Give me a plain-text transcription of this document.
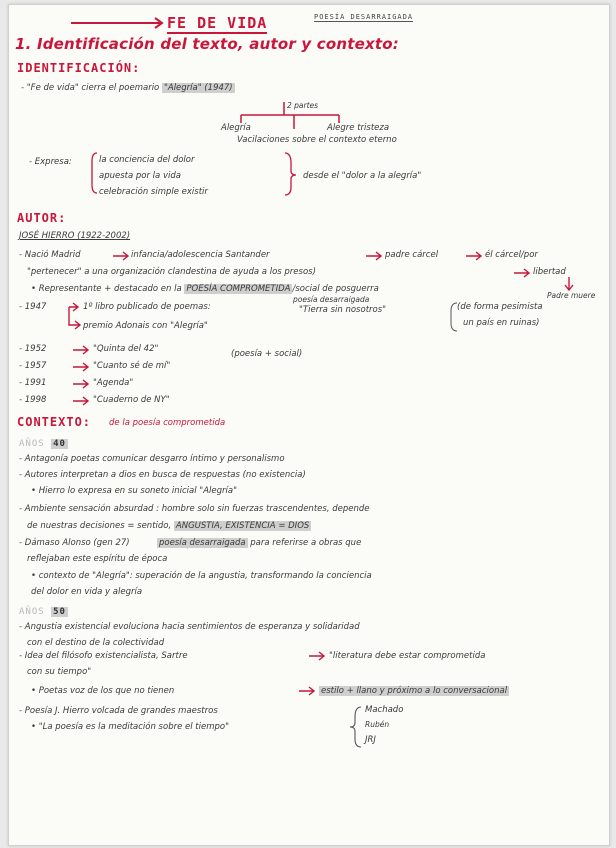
FE DE VIDA	POESÍA DESARRAIGADA
1. Identificación del texto, autor y contexto:
IDENTIFICACIÓN:
- "Fe de vida" cierra el poemario "Alegría" (1947)
2 partes
Alegría	Alegre tristeza
Vacilaciones sobre el contexto eterno
- Expresa:	la conciencia del dolor
apuesta por la vida
celebración simple existir
desde el "dolor a la alegría"
AUTOR:
JOSÉ HIERRO (1922-2002)
- Nació Madrid	infancia/adolescencia Santander	padre cárcel	él cárcel/por
"pertenecer" a una organización clandestina de ayuda a los presos)	libertad
• Representante + destacado en la POESÍA COMPROMETIDA /social de posguerra
Padre muere
poesía desarraigada
- 1947	1º libro publicado de poemas:	"Tierra sin nosotros"	(de forma pesimista
un país en ruinas)
premio Adonais con "Alegría"
- 1952	"Quinta del 42"	(poesía + social)
- 1957	"Cuanto sé de mí"
- 1991	"Agenda"
- 1998	"Cuaderno de NY"
CONTEXTO: de la poesía comprometida
AÑOS 40
- Antagonía poetas comunicar desgarro íntimo y personalismo
- Autores interpretan a dios en busca de respuestas (no existencia)
• Hierro lo expresa en su soneto inicial "Alegría"
- Ambiente sensación absurdad : hombre solo sin fuerzas trascendentes, depende
de nuestras decisiones = sentido, ANGUSTIA, EXISTENCIA = DIOS
- Dámaso Alonso (gen 27)	poesía desarraigada para referirse a obras que
reflejaban este espíritu de época
• contexto de "Alegría": superación de la angustia, transformando la conciencia
del dolor en vida y alegría
AÑOS 50
- Angustia existencial evoluciona hacia sentimientos de esperanza y solidaridad
con el destino de la colectividad
- Idea del filósofo existencialista, Sartre	"literatura debe estar comprometida
con su tiempo"
• Poetas voz de los que no tienen	estilo + llano y próximo a lo conversacional
- Poesía J. Hierro volcada de grandes maestros
• "La poesía es la meditación sobre el tiempo"
Machado
Rubén
JRJ
